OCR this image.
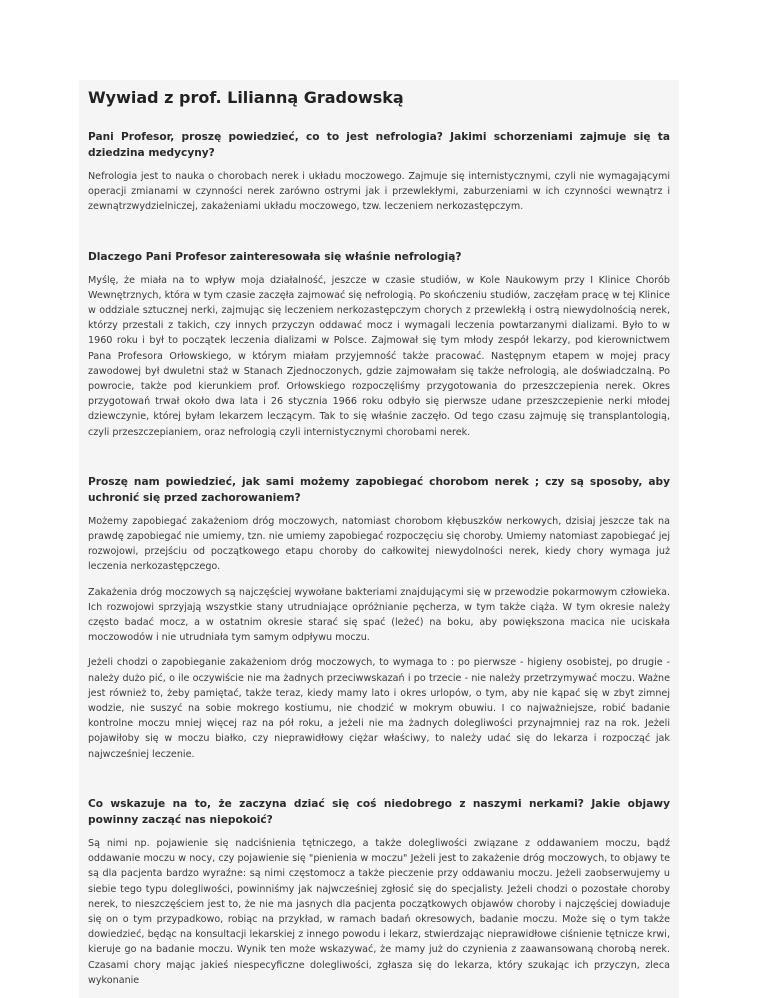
Wywiad z prof. Lilianną Gradowską
Pani Profesor, proszę powiedzieć, co to jest nefrologia? Jakimi schorzeniami zajmuje się ta dziedzina medycyny?

Nefrologia jest to nauka o chorobach nerek i układu moczowego. Zajmuje się internistycznymi, czyli nie wymagającymi operacji zmianami w czynności nerek zarówno ostrymi jak i przewlekłymi, zaburzeniami w ich czynności wewnątrz i zewnątrzwydzielniczej, zakażeniami układu moczowego, tzw. leczeniem nerkozastępczym.

Dlaczego Pani Profesor zainteresowała się właśnie nefrologią?

Myślę, że miała na to wpływ moja działalność, jeszcze w czasie studiów, w Kole Naukowym przy I Klinice Chorób Wewnętrznych, która w tym czasie zaczęła zajmować się nefrologią. Po skończeniu studiów, zaczęłam pracę w tej Klinice w oddziale sztucznej nerki, zajmując się leczeniem nerkozastępczym chorych z przewlekłą i ostrą niewydolnością nerek, którzy przestali z takich, czy innych przyczyn oddawać mocz i wymagali leczenia powtarzanymi dializami. Było to w 1960 roku i był to początek leczenia dializami w Polsce. Zajmował się tym młody zespół lekarzy, pod kierownictwem Pana Profesora Orłowskiego, w którym miałam przyjemność także pracować. Następnym etapem w mojej pracy zawodowej był dwuletni staż w Stanach Zjednoczonych, gdzie zajmowałam się także nefrologią, ale doświadczalną. Po powrocie, także pod kierunkiem prof. Orłowskiego rozpoczęliśmy przygotowania do przeszczepienia nerek. Okres przygotowań trwał około dwa lata i 26 stycznia 1966 roku odbyło się pierwsze udane przeszczepienie nerki młodej dziewczynie, której byłam lekarzem leczącym. Tak to się właśnie zaczęło. Od tego czasu zajmuję się transplantologią, czyli przeszczepianiem, oraz nefrologią czyli internistycznymi chorobami nerek.

Proszę nam powiedzieć, jak sami możemy zapobiegać chorobom nerek ; czy są sposoby, aby uchronić się przed zachorowaniem?

Możemy zapobiegać zakażeniom dróg moczowych, natomiast chorobom kłębuszków nerkowych, dzisiaj jeszcze tak na prawdę zapobiegać nie umiemy, tzn. nie umiemy zapobiegać rozpoczęciu się choroby. Umiemy natomiast zapobiegać jej rozwojowi, przejściu od początkowego etapu choroby do całkowitej niewydolności nerek, kiedy chory wymaga już leczenia nerkozastępczego.

Zakażenia dróg moczowych są najczęściej wywołane bakteriami znajdującymi się w przewodzie pokarmowym człowieka. Ich rozwojowi sprzyjają wszystkie stany utrudniające opróżnianie pęcherza, w tym także ciąża. W tym okresie należy często badać mocz, a w ostatnim okresie starać się spać (leżeć) na boku, aby powiększona macica nie uciskała moczowodów i nie utrudniała tym samym odpływu moczu.

Jeżeli chodzi o zapobieganie zakażeniom dróg moczowych, to wymaga to : po pierwsze - higieny osobistej, po drugie - należy dużo pić, o ile oczywiście nie ma żadnych przeciwwskazań i po trzecie - nie należy przetrzymywać moczu. Ważne jest również to, żeby pamiętać, także teraz, kiedy mamy lato i okres urlopów, o tym, aby nie kąpać się w zbyt zimnej wodzie, nie suszyć na sobie mokrego kostiumu, nie chodzić w mokrym obuwiu. I co najważniejsze, robić badanie kontrolne moczu mniej więcej raz na pół roku, a jeżeli nie ma żadnych dolegliwości przynajmniej raz na rok. Jeżeli pojawiłoby się w moczu białko, czy nieprawidłowy ciężar właściwy, to należy udać się do lekarza i rozpocząć jak najwcześniej leczenie.

Co wskazuje na to, że zaczyna dziać się coś niedobrego z naszymi nerkami? Jakie objawy powinny zacząć nas niepokoić?

Są nimi np. pojawienie się nadciśnienia tętniczego, a także dolegliwości związane z oddawaniem moczu, bądź oddawanie moczu w nocy, czy pojawienie się "pienienia w moczu" Jeżeli jest to zakażenie dróg moczowych, to objawy te są dla pacjenta bardzo wyraźne: są nimi częstomocz a także pieczenie przy oddawaniu moczu. Jeżeli zaobserwujemy u siebie tego typu dolegliwości, powinniśmy jak najwcześniej zgłosić się do specjalisty. Jeżeli chodzi o pozostałe choroby nerek, to nieszczęściem jest to, że nie ma jasnych dla pacjenta początkowych objawów choroby i najczęściej dowiaduje się on o tym przypadkowo, robiąc na przykład, w ramach badań okresowych, badanie moczu. Może się o tym także dowiedzieć, będąc na konsultacji lekarskiej z innego powodu i lekarz, stwierdzając nieprawidłowe ciśnienie tętnicze krwi, kieruje go na badanie moczu. Wynik ten może wskazywać, że mamy już do czynienia z zaawansowaną chorobą nerek. Czasami chory mając jakieś niespecyficzne dolegliwości, zgłasza się do lekarza, który szukając ich przyczyn, zleca wykonanie
